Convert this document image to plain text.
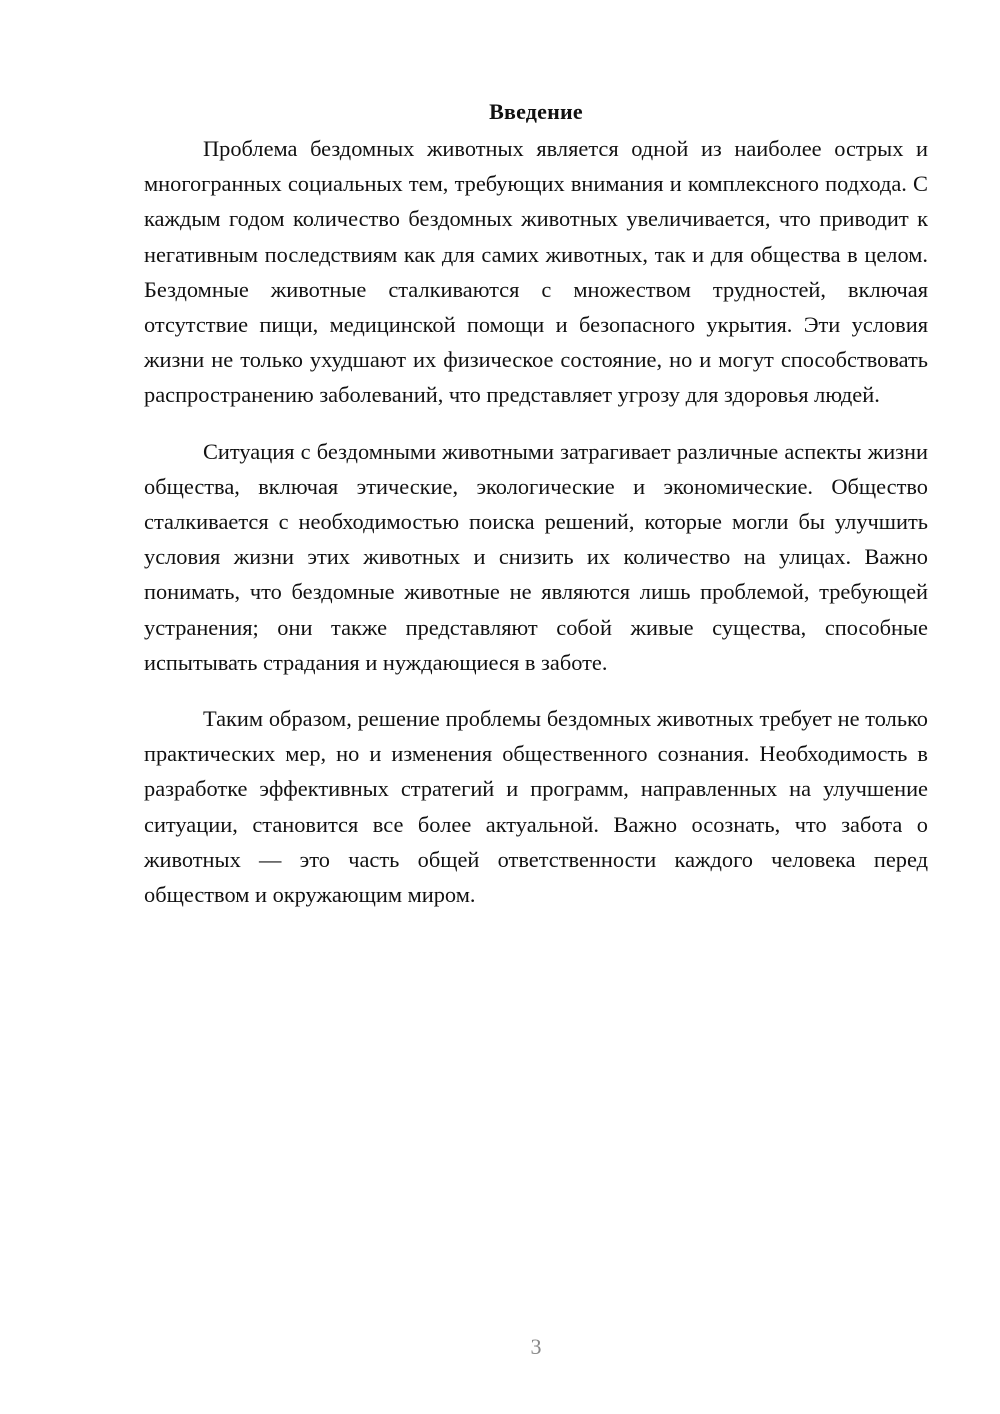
Введение

Проблема бездомных животных является одной из наиболее острых и многогранных социальных тем, требующих внимания и комплексного подхода. С каждым годом количество бездомных животных увеличивается, что приводит к негативным последствиям как для самих животных, так и для общества в целом. Бездомные животные сталкиваются с множеством трудностей, включая отсутствие пищи, медицинской помощи и безопасного укрытия. Эти условия жизни не только ухудшают их физическое состояние, но и могут способствовать распространению заболеваний, что представляет угрозу для здоровья людей.

Ситуация с бездомными животными затрагивает различные аспекты жизни общества, включая этические, экологические и экономические. Общество сталкивается с необходимостью поиска решений, которые могли бы улучшить условия жизни этих животных и снизить их количество на улицах. Важно понимать, что бездомные животные не являются лишь проблемой, требующей устранения; они также представляют собой живые существа, способные испытывать страдания и нуждающиеся в заботе.

Таким образом, решение проблемы бездомных животных требует не только практических мер, но и изменения общественного сознания. Необходимость в разработке эффективных стратегий и программ, направленных на улучшение ситуации, становится все более актуальной. Важно осознать, что забота о животных — это часть общей ответственности каждого человека перед обществом и окружающим миром.

3
